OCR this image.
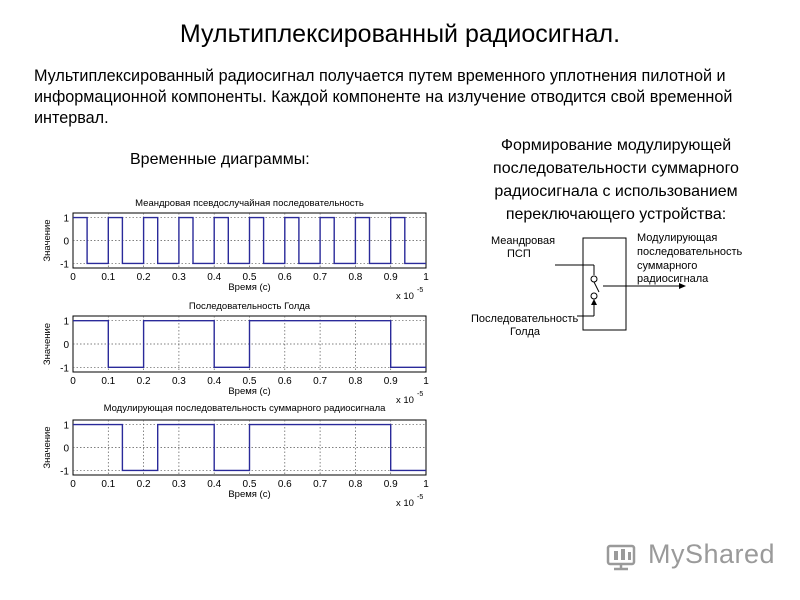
Мультиплексированный радиосигнал.
Мультиплексированный радиосигнал получается путем временного уплотнения пилотной и информационной компоненты. Каждой компоненте на излучение отводится свой временной интервал.
Временные диаграммы:
Формирование модулирующей последовательности суммарного радиосигнала с использованием переключающего устройства:
0	0.1 0.2 0.3 0.4 0.5 0.6 0.7 0.8 0.9	1
1
0
-1
Меандровая псевдослучайная последовательность
Время (с)
Значение
x 10
-5
0	0.1 0.2 0.3 0.4 0.5 0.6 0.7 0.8 0.9	1
1
0
-1
Последовательность Голда
Время (с)
Значение
x 10
-5
0	0.1 0.2 0.3 0.4 0.5 0.6 0.7 0.8 0.9	1
1
0
-1
Модулирующая последовательность суммарного радиосигнала
Время (с)
Значение
x 10
-5
Меандровая
ПСП
Последовательность
Голда
Модулирующая
последовательность
суммарного
радиосигнала
MyShared
